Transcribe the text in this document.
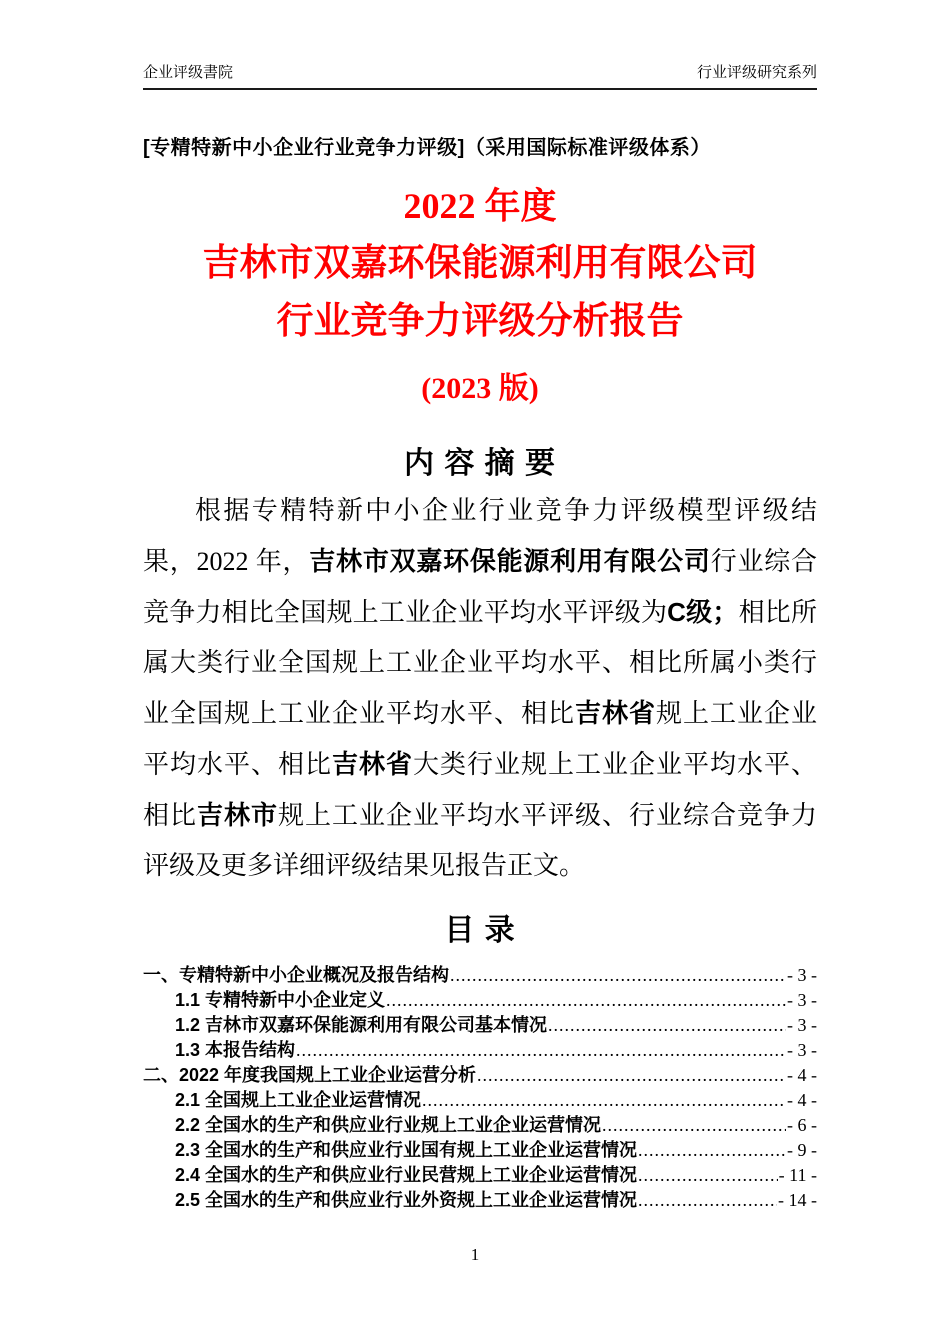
企业评级書院	行业评级研究系列
[专精特新中小企业行业竞争力评级]（采用国际标准评级体系）
2022 年度
吉林市双嘉环保能源利用有限公司
行业竞争力评级分析报告
(2023 版)
内 容 摘 要

根据专精特新中小企业行业竞争力评级模型评级结果，2022 年，吉林市双嘉环保能源利用有限公司行业综合竞争力相比全国规上工业企业平均水平评级为C级；相比所属大类行业全国规上工业企业平均水平、相比所属小类行业全国规上工业企业平均水平、相比吉林省规上工业企业平均水平、相比吉林省大类行业规上工业企业平均水平、相比吉林市规上工业企业平均水平评级、行业综合竞争力评级及更多详细评级结果见报告正文。

目 录
一、专精特新中小企业概况及报告结构 .....	- 3 -
1.1 专精特新中小企业定义 .....	- 3 -
1.2 吉林市双嘉环保能源利用有限公司基本情况 .....	- 3 -
1.3 本报告结构 .....	- 3 -
二、2022 年度我国规上工业企业运营分析 .....	- 4 -
2.1 全国规上工业企业运营情况 .....	- 4 -
2.2 全国水的生产和供应业行业规上工业企业运营情况 .....	- 6 -
2.3 全国水的生产和供应业行业国有规上工业企业运营情况 .....	- 9 -
2.4 全国水的生产和供应业行业民营规上工业企业运营情况 .....	- 11 -
2.5 全国水的生产和供应业行业外资规上工业企业运营情况 .....	- 14 -
1
